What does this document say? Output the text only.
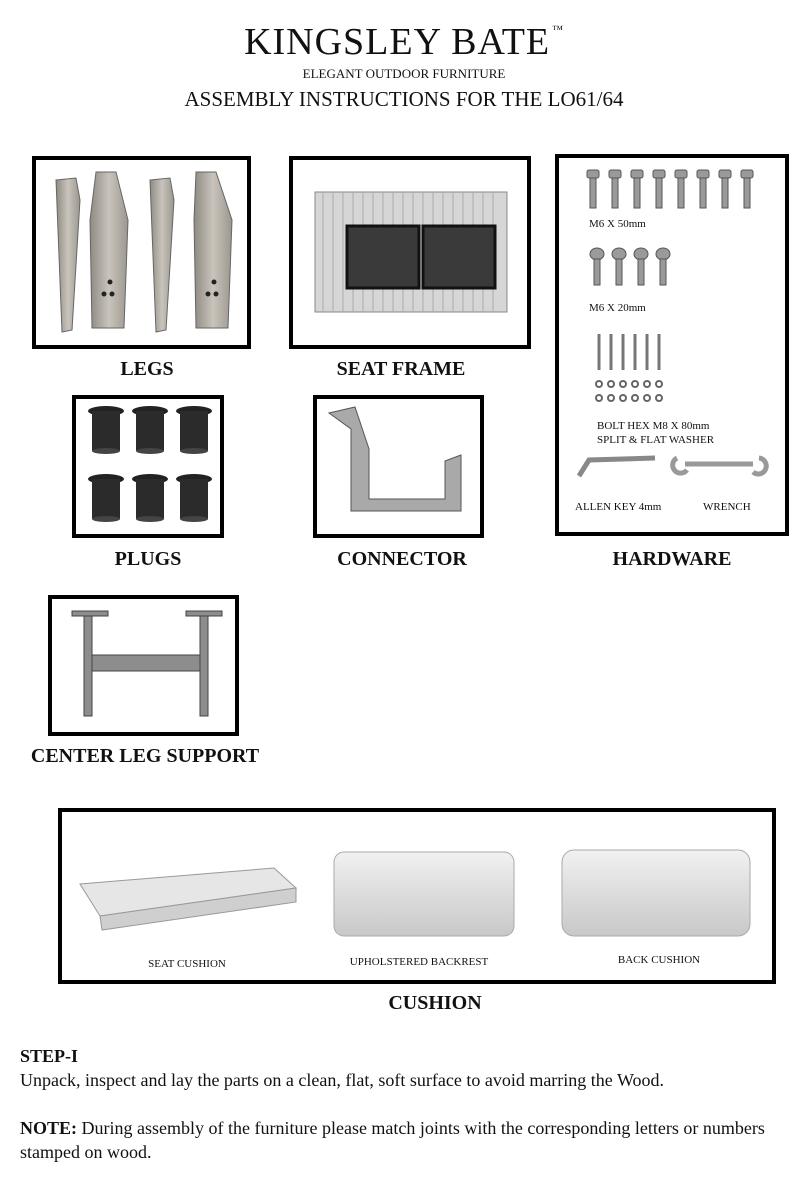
KINGSLEY BATE ™
ELEGANT OUTDOOR FURNITURE
ASSEMBLY INSTRUCTIONS FOR THE LO61/64
LEGS	SEAT FRAME
M6 X 50mm
M6 X 20mm
BOLT HEX M8 X 80mm
SPLIT & FLAT WASHER
ALLEN KEY 4mm	WRENCH
HARDWARE
PLUGS	CONNECTOR
CENTER LEG SUPPORT
SEAT CUSHION	UPHOLSTERED BACKREST	BACK CUSHION
CUSHION
STEP-I
Unpack, inspect and lay the parts on a clean, flat, soft surface to avoid marring the Wood.
NOTE: During assembly of the furniture please match joints with the corresponding letters or numbers stamped on wood.
